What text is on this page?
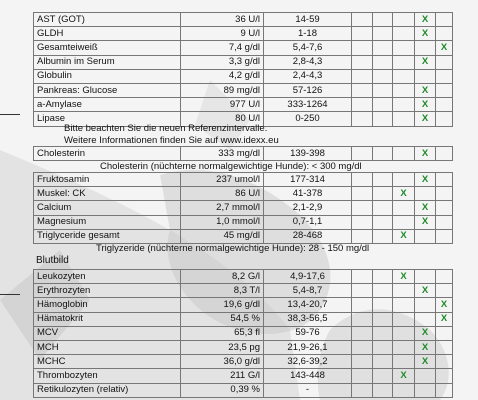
AST (GOT)	36 U/l	14-59				X	
GLDH	9 U/l	1-18				X	
Gesamteiweiß	7,4 g/dl	5,4-7,6					X
Albumin im Serum	3,3 g/dl	2,8-4,3				X	
Globulin	4,2 g/dl	2,4-4,3					
Pankreas: Glucose	89 mg/dl	57-126				X	
a-Amylase	977 U/l	333-1264				X	
Lipase	80 U/l	0-250				X	
Bitte beachten Sie die neuen Referenzintervalle.
Weitere Informationen finden Sie auf www.idexx.eu
Cholesterin	333 mg/dl	139-398				X	
Cholesterin (nüchterne normalgewichtige Hunde): < 300 mg/dl
Fruktosamin	237 umol/l	177-314				X	
Muskel: CK	86 U/l	41-378			X		
Calcium	2,7 mmol/l	2,1-2,9				X	
Magnesium	1,0 mmol/l	0,7-1,1				X	
Triglyceride gesamt	45 mg/dl	28-468			X		
Triglyzeride (nüchterne normalgewichtige Hunde): 28 - 150 mg/dl
Blutbild
Leukozyten	8,2 G/l	4,9-17,6			X		
Erythrozyten	8,3 T/l	5,4-8,7				X	
Hämoglobin	19,6 g/dl	13,4-20,7					X
Hämatokrit	54,5 %	38,3-56,5					X
MCV	65,3 fl	59-76				X	
MCH	23,5 pg	21,9-26,1				X	
MCHC	36,0 g/dl	32,6-39,2				X	
Thrombozyten	211 G/l	143-448			X		
Retikulozyten (relativ)	0,39 %	-					
